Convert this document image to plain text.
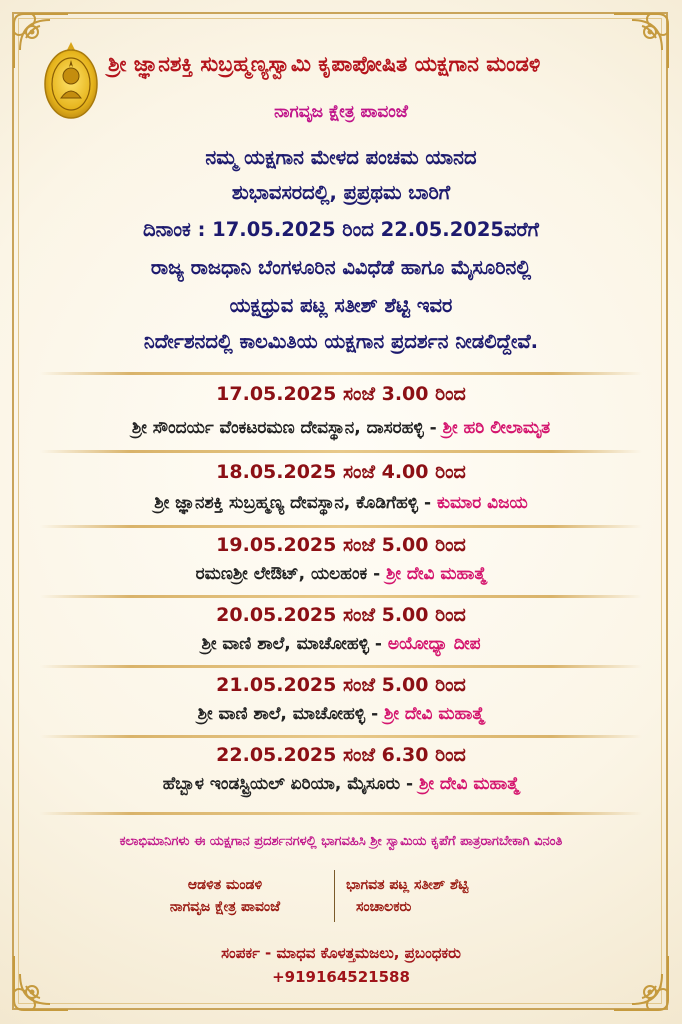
ಶ್ರೀ ಜ್ಞಾನಶಕ್ತಿ ಸುಬ್ರಹ್ಮಣ್ಯಸ್ವಾಮಿ ಕೃಪಾಪೋಷಿತ ಯಕ್ಷಗಾನ ಮಂಡಳಿ
ನಾಗವೃಜ ಕ್ಷೇತ್ರ ಪಾವಂಜೆ
ನಮ್ಮ ಯಕ್ಷಗಾನ ಮೇಳದ ಪಂಚಮ ಯಾನದ
ಶುಭಾವಸರದಲ್ಲಿ, ಪ್ರಪ್ರಥಮ ಬಾರಿಗೆ
ದಿನಾಂಕ : 17.05.2025 ರಿಂದ 22.05.2025ವರೆಗೆ
ರಾಜ್ಯ ರಾಜಧಾನಿ ಬೆಂಗಳೂರಿನ ವಿವಿಧೆಡೆ ಹಾಗೂ ಮೈಸೂರಿನಲ್ಲಿ
ಯಕ್ಷಧ್ರುವ ಪಟ್ಲ ಸತೀಶ್ ಶೆಟ್ಟಿ ಇವರ
ನಿರ್ದೇಶನದಲ್ಲಿ ಕಾಲಮಿತಿಯ ಯಕ್ಷಗಾನ ಪ್ರದರ್ಶನ ನೀಡಲಿದ್ದೇವೆ.
17.05.2025 ಸಂಜೆ 3.00 ರಿಂದ
ಶ್ರೀ ಸೌಂದರ್ಯ ವೆಂಕಟರಮಣ ದೇವಸ್ಥಾನ, ದಾಸರಹಳ್ಳಿ - ಶ್ರೀ ಹರಿ ಲೀಲಾಮೃತ
18.05.2025 ಸಂಜೆ 4.00 ರಿಂದ
ಶ್ರೀ ಜ್ಞಾನಶಕ್ತಿ ಸುಬ್ರಹ್ಮಣ್ಯ ದೇವಸ್ಥಾನ, ಕೊಡಿಗೆಹಳ್ಳಿ - ಕುಮಾರ ವಿಜಯ
19.05.2025 ಸಂಜೆ 5.00 ರಿಂದ
ರಮಣಶ್ರೀ ಲೇಔಟ್, ಯಲಹಂಕ - ಶ್ರೀ ದೇವಿ ಮಹಾತ್ಮೆ
20.05.2025 ಸಂಜೆ 5.00 ರಿಂದ
ಶ್ರೀ ವಾಣಿ ಶಾಲೆ, ಮಾಚೋಹಳ್ಳಿ - ಅಯೋಧ್ಯಾ ದೀಪ
21.05.2025 ಸಂಜೆ 5.00 ರಿಂದ
ಶ್ರೀ ವಾಣಿ ಶಾಲೆ, ಮಾಚೋಹಳ್ಳಿ - ಶ್ರೀ ದೇವಿ ಮಹಾತ್ಮೆ
22.05.2025 ಸಂಜೆ 6.30 ರಿಂದ
ಹೆಬ್ಬಾಳ ಇಂಡಸ್ಟ್ರಿಯಲ್ ಏರಿಯಾ, ಮೈಸೂರು - ಶ್ರೀ ದೇವಿ ಮಹಾತ್ಮೆ
ಕಲಾಭಿಮಾನಿಗಳು ಈ ಯಕ್ಷಗಾನ ಪ್ರದರ್ಶನಗಳಲ್ಲಿ ಭಾಗವಹಿಸಿ ಶ್ರೀ ಸ್ವಾಮಿಯ ಕೃಪೆಗೆ ಪಾತ್ರರಾಗಬೇಕಾಗಿ ವಿನಂತಿ
ಆಡಳಿತ ಮಂಡಳಿ
ನಾಗವೃಜ ಕ್ಷೇತ್ರ ಪಾವಂಜೆ
ಭಾಗವತ ಪಟ್ಲ ಸತೀಶ್ ಶೆಟ್ಟಿ
ಸಂಚಾಲಕರು
ಸಂಪರ್ಕ - ಮಾಧವ ಕೊಳತ್ತಮಜಲು, ಪ್ರಬಂಧಕರು
+919164521588
